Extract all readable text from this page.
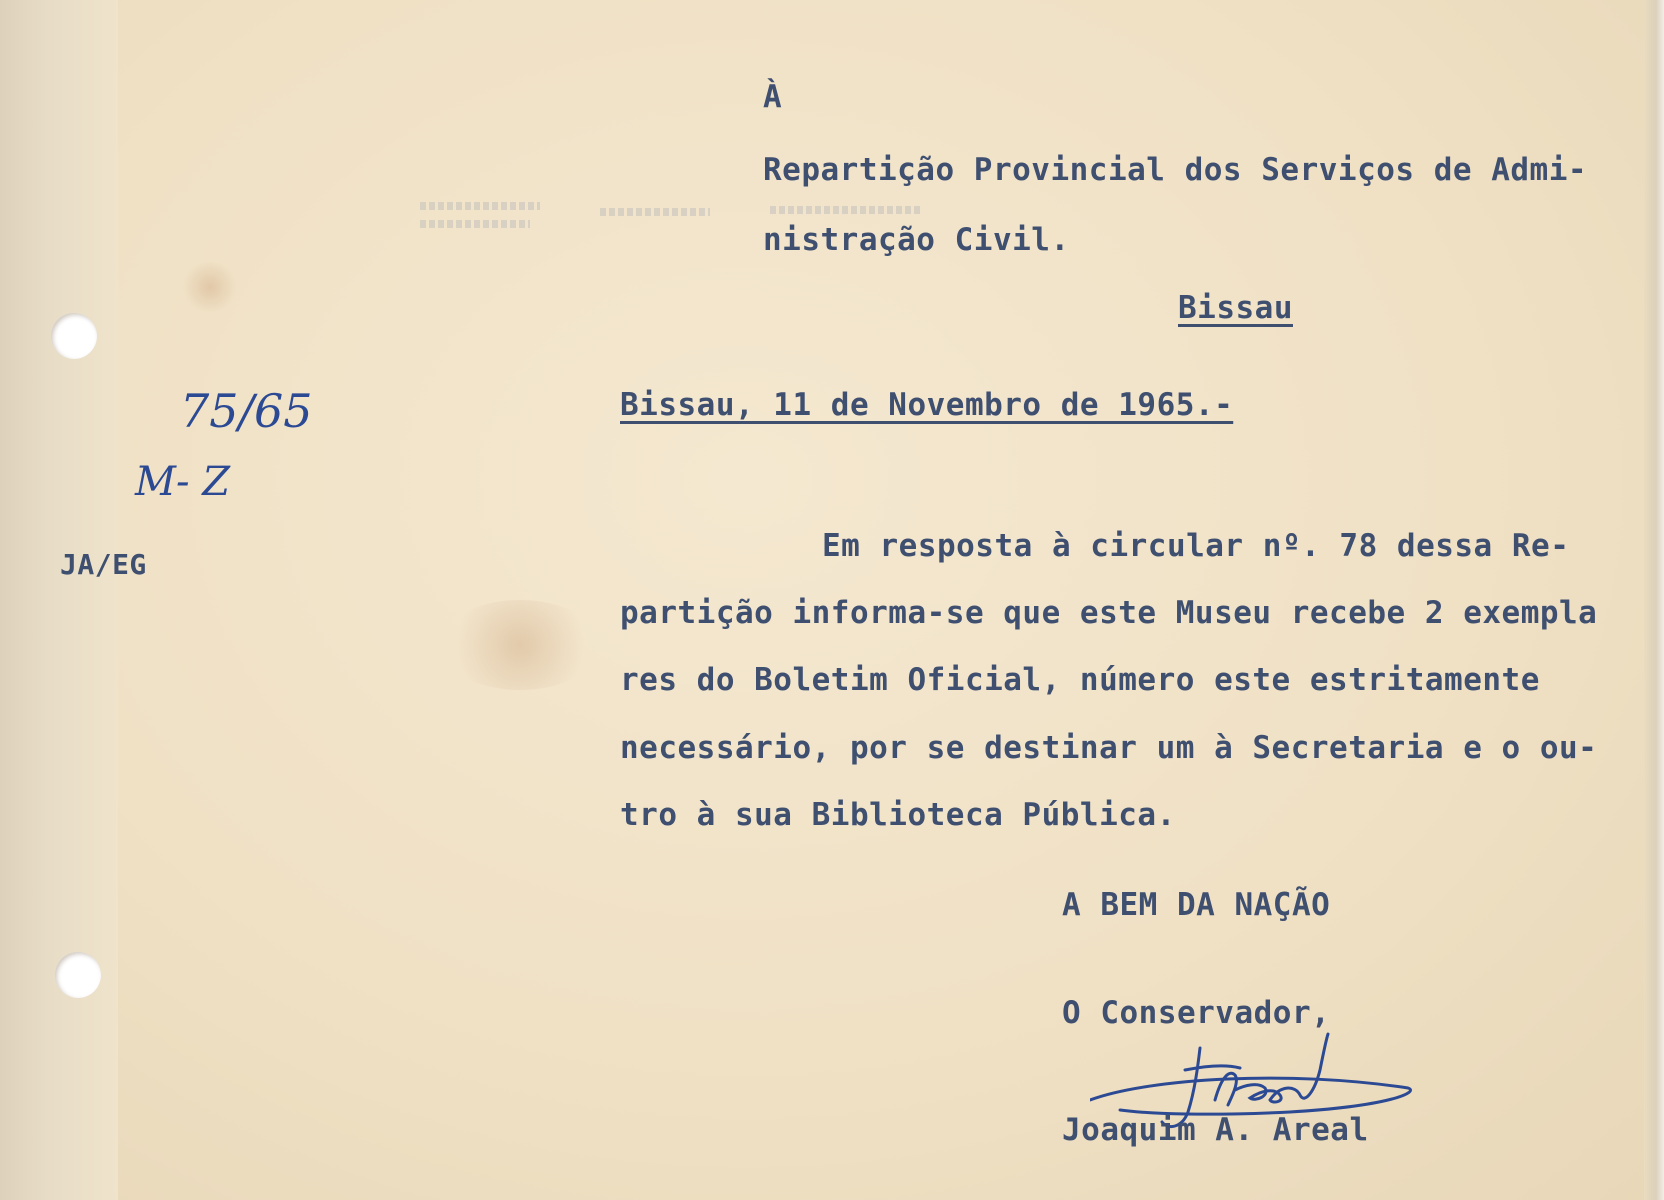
À

Repartição Provincial dos Serviços de Admi-

nistração Civil.

Bissau

Bissau, 11 de Novembro de 1965.-

75/65

M- Z

JA/EG

Em resposta à circular nº. 78 dessa Re-

partição informa-se que este Museu recebe 2 exempla

res do Boletim Oficial, número este estritamente

necessário, por se destinar um à Secretaria e o ou-

tro à sua Biblioteca Pública.

A BEM DA NAÇÃO

O Conservador,

Joaquim A. Areal
